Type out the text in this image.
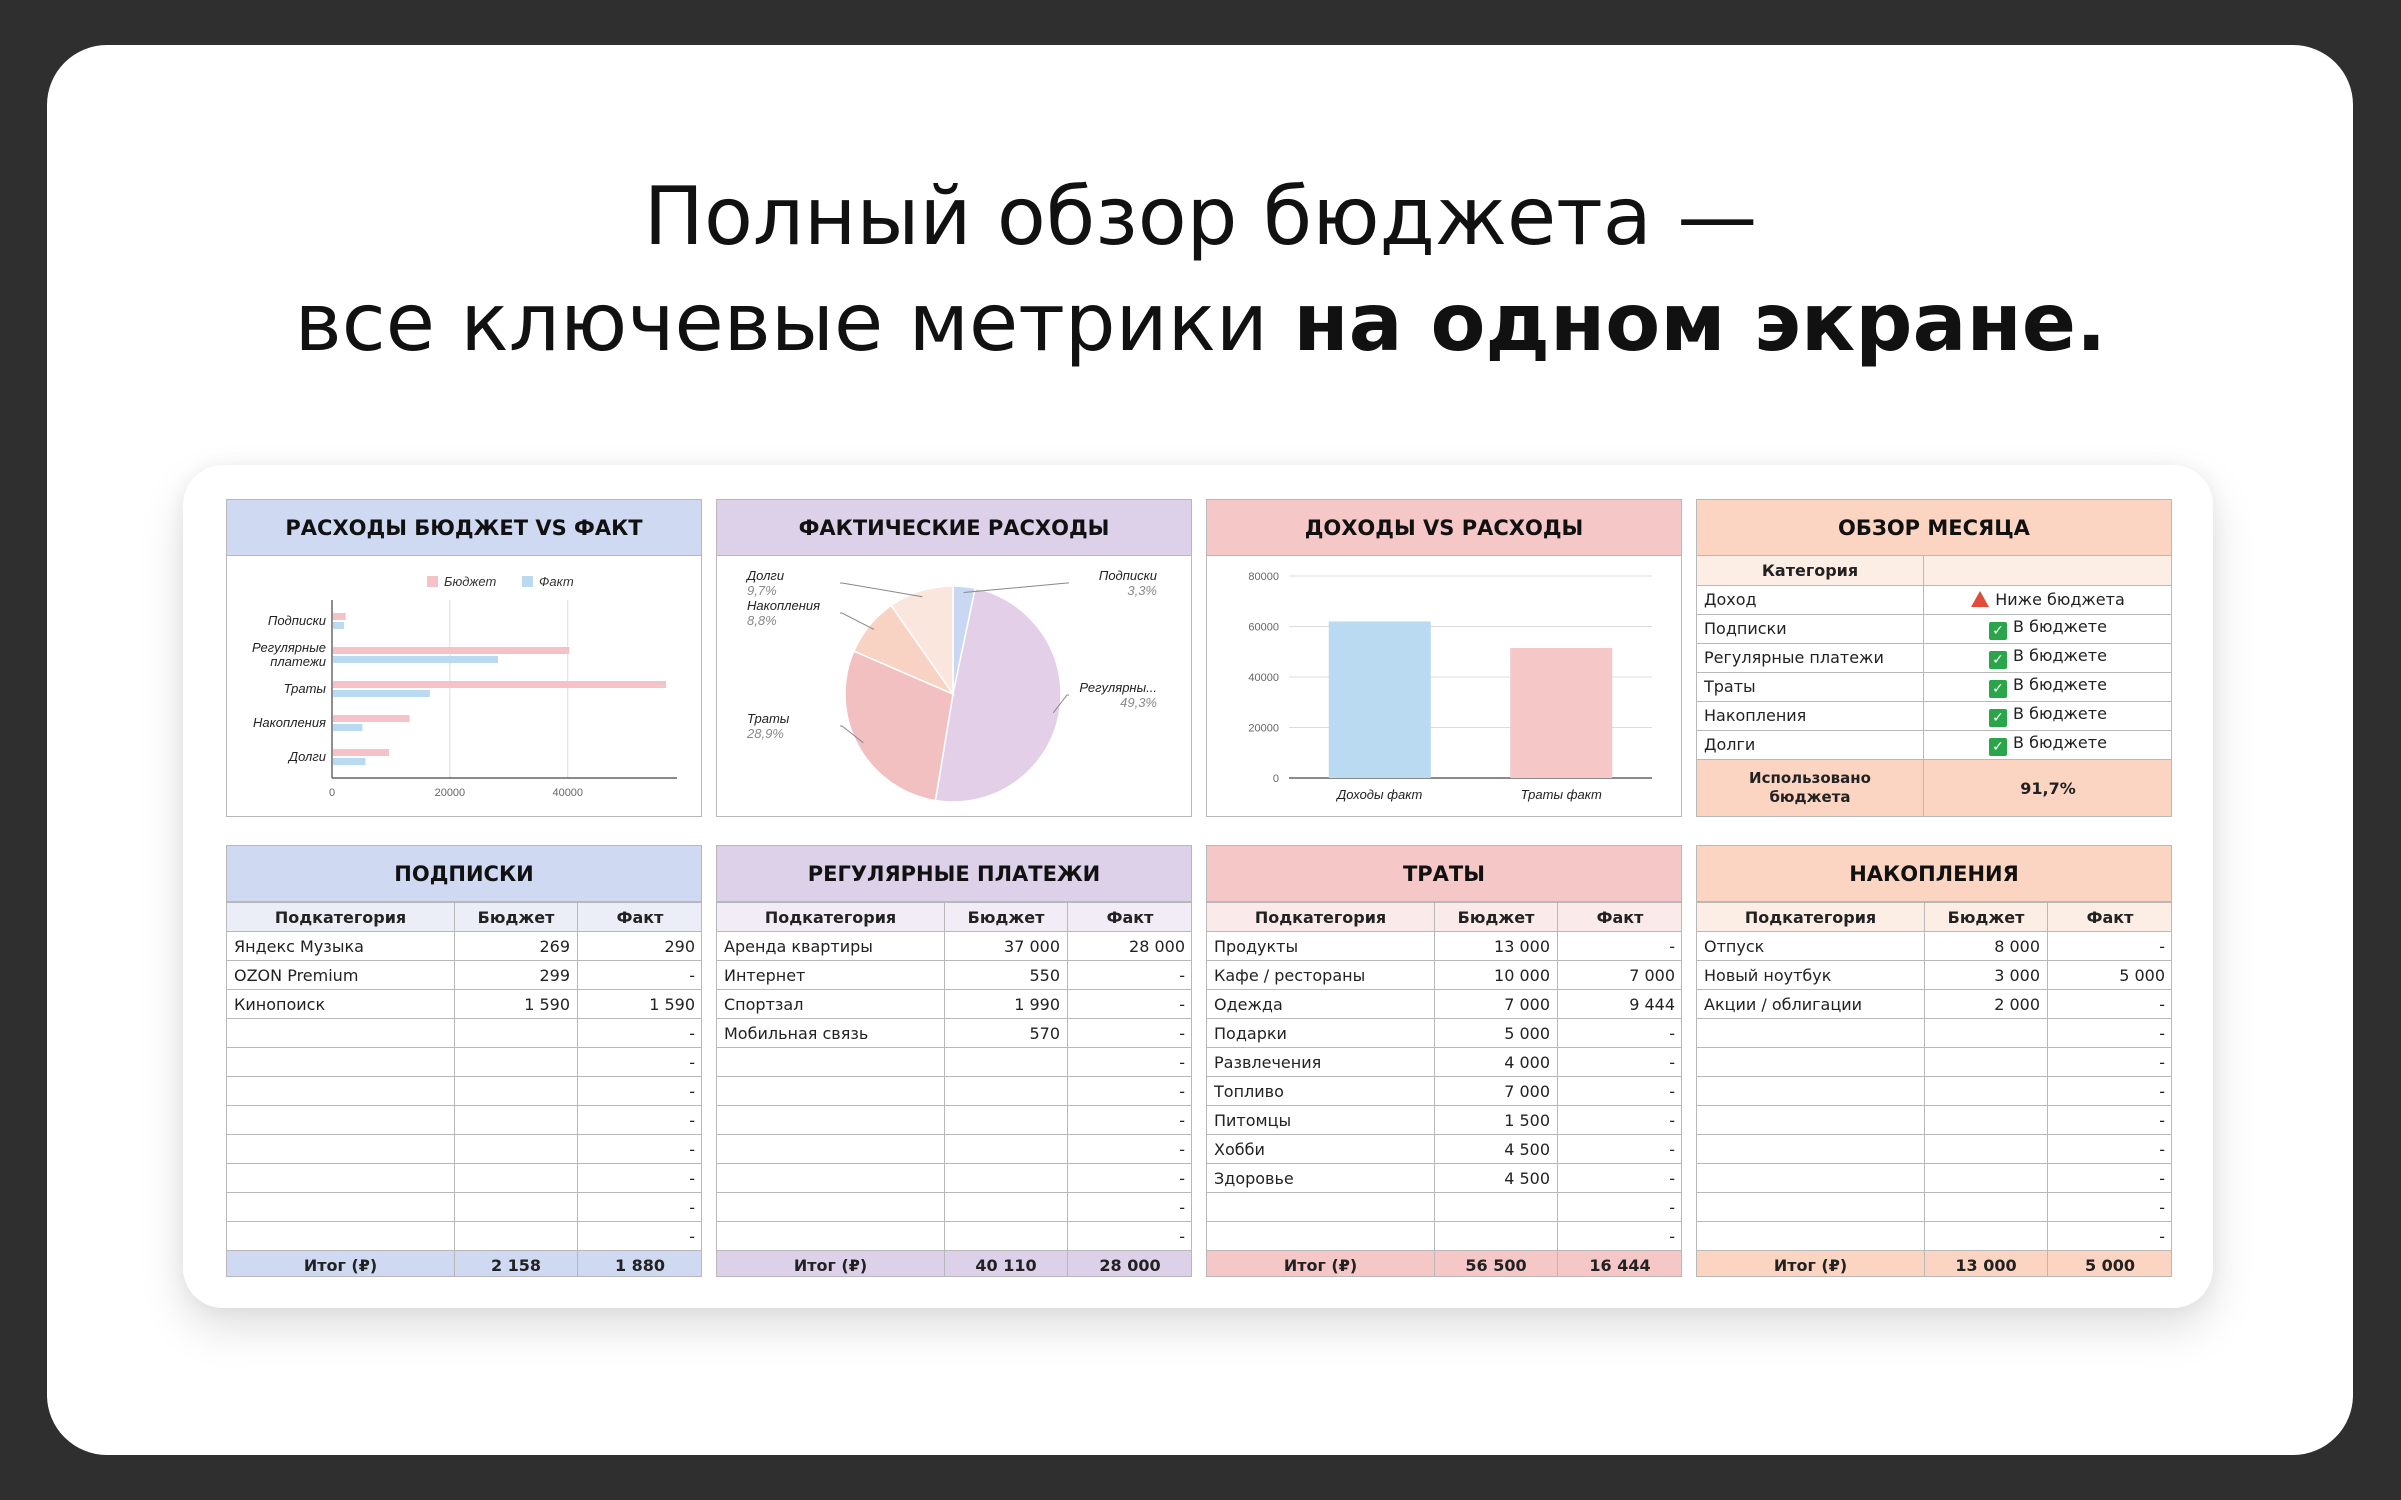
Полный обзор бюджета —
все ключевые метрики на одном экране.
РАСХОДЫ БЮДЖЕТ VS ФАКТ
Бюджет	Факт
0	20000	40000
Подписки
Регулярные
платежи
Траты
Накопления
Долги
ФАКТИЧЕСКИЕ РАСХОДЫ
Подписки
3,3%
Регулярны...
49,3%
Траты
28,9%
Накопления
8,8%
Долги
9,7%
ДОХОДЫ VS РАСХОДЫ
0
20000
40000
60000
80000
Доходы факт	Траты факт
ОБЗОР МЕСЯЦА
Категория	
Доход	Ниже бюджета
Подписки	✓ В бюджете
Регулярные платежи	✓ В бюджете
Траты	✓ В бюджете
Накопления	✓ В бюджете
Долги	✓ В бюджете
Использовано
бюджета	91,7%
ПОДПИСКИ
Подкатегория	Бюджет	Факт
Яндекс Музыка	269	290
OZON Premium	299	-
Кинопоиск	1 590	1 590
		-
		-
		-
		-
		-
		-
		-
		-
Итог (₽)	2 158	1 880
РЕГУЛЯРНЫЕ ПЛАТЕЖИ
Подкатегория	Бюджет	Факт
Аренда квартиры	37 000	28 000
Интернет	550	-
Спортзал	1 990	-
Мобильная связь	570	-
		-
		-
		-
		-
		-
		-
		-
Итог (₽)	40 110	28 000
ТРАТЫ
Подкатегория	Бюджет	Факт
Продукты	13 000	-
Кафе / рестораны	10 000	7 000
Одежда	7 000	9 444
Подарки	5 000	-
Развлечения	4 000	-
Топливо	7 000	-
Питомцы	1 500	-
Хобби	4 500	-
Здоровье	4 500	-
		-
		-
Итог (₽)	56 500	16 444
НАКОПЛЕНИЯ
Подкатегория	Бюджет	Факт
Отпуск	8 000	-
Новый ноутбук	3 000	5 000
Акции / облигации	2 000	-
		-
		-
		-
		-
		-
		-
		-
		-
Итог (₽)	13 000	5 000
